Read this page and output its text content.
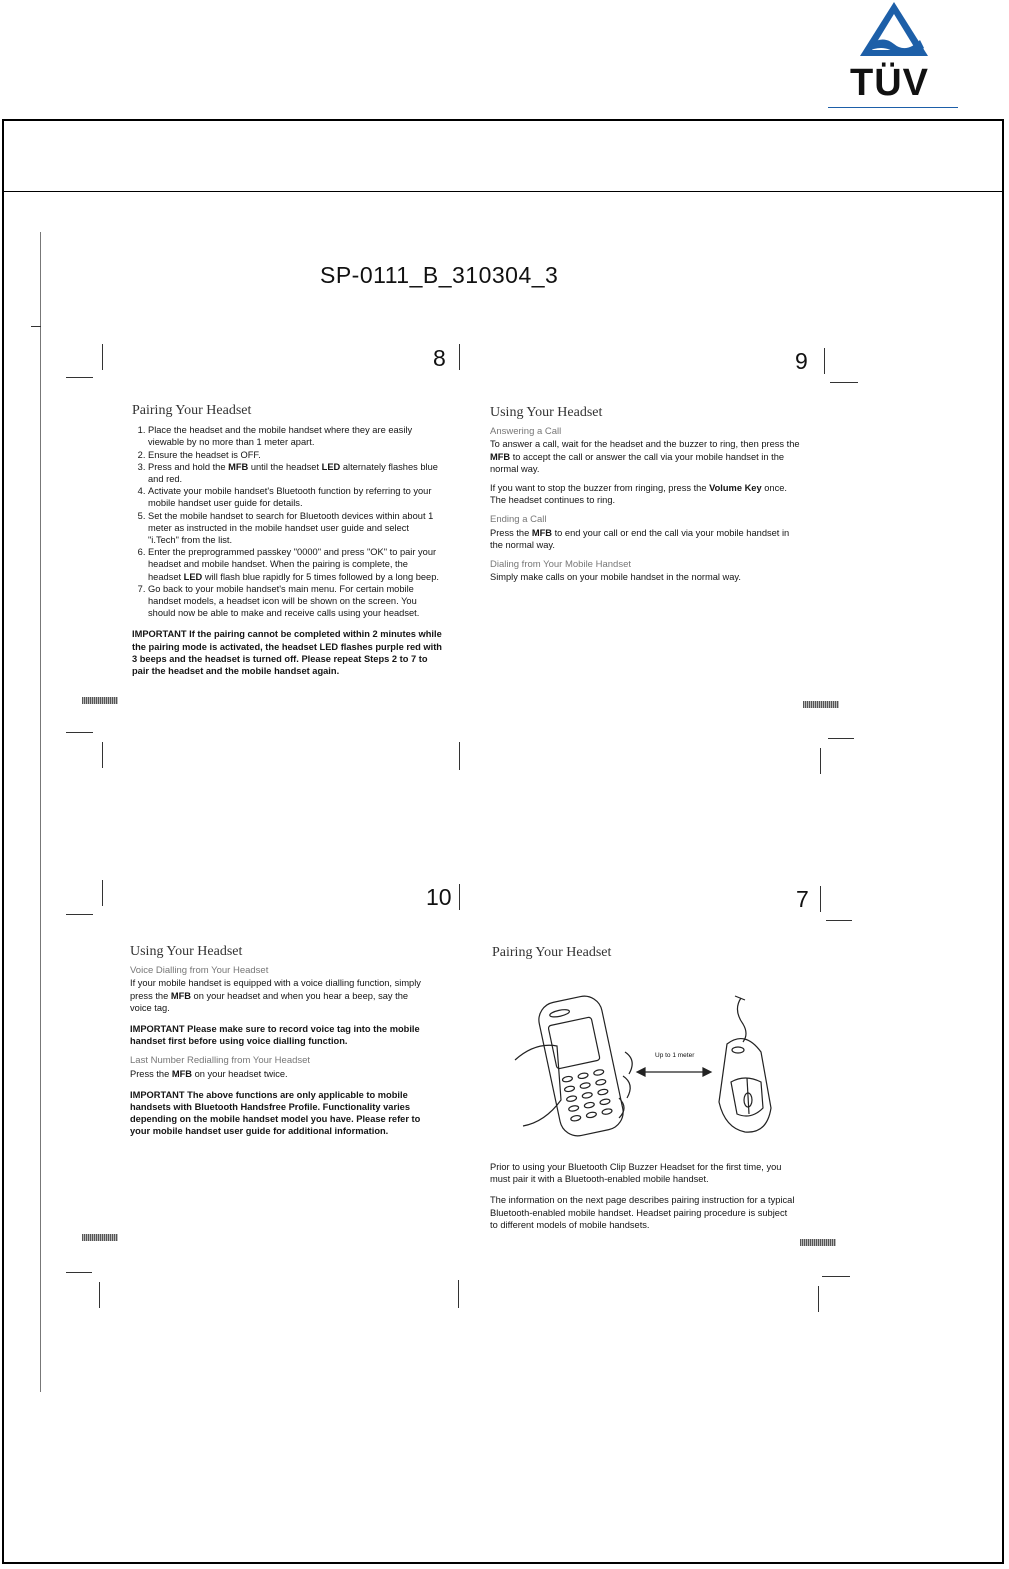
TÜV
SP-0111_B_310304_3
8	9
10	7
Pairing Your Headset
1. Place the headset and the mobile handset where they are easily viewable by no more than 1 meter apart.
2. Ensure the headset is OFF.
3. Press and hold the MFB until the headset LED alternately flashes blue and red.
4. Activate your mobile handset's Bluetooth function by referring to your mobile handset user guide for details.
5. Set the mobile handset to search for Bluetooth devices within about 1 meter as instructed in the mobile handset user guide and select "i.Tech" from the list.
6. Enter the preprogrammed passkey "0000" and press "OK" to pair your headset and mobile handset. When the pairing is complete, the headset LED will flash blue rapidly for 5 times followed by a long beep.
7. Go back to your mobile handset's main menu. For certain mobile handset models, a headset icon will be shown on the screen. You should now be able to make and receive calls using your headset.

IMPORTANT If the pairing cannot be completed within 2 minutes while the pairing mode is activated, the headset LED flashes purple red with 3 beeps and the headset is turned off. Please repeat Steps 2 to 7 to pair the headset and the mobile handset again.

Using Your Headset
Answering a Call

To answer a call, wait for the headset and the buzzer to ring, then press the MFB to accept the call or answer the call via your mobile handset in the normal way.

If you want to stop the buzzer from ringing, press the Volume Key once. The headset continues to ring.

Ending a Call

Press the MFB to end your call or end the call via your mobile handset in the normal way.

Dialing from Your Mobile Handset

Simply make calls on your mobile handset in the normal way.

Using Your Headset
Voice Dialling from Your Headset

If your mobile handset is equipped with a voice dialling function, simply press the MFB on your headset and when you hear a beep, say the voice tag.

IMPORTANT Please make sure to record voice tag into the mobile handset first before using voice dialling function.

Last Number Redialling from Your Headset

Press the MFB on your headset twice.

IMPORTANT The above functions are only applicable to mobile handsets with Bluetooth Handsfree Profile. Functionality varies depending on the mobile handset model you have. Please refer to your mobile handset user guide for additional information.

Pairing Your Headset
Up to 1 meter

Prior to using your Bluetooth Clip Buzzer Headset for the first time, you must pair it with a Bluetooth-enabled mobile handset.

The information on the next page describes pairing instruction for a typical Bluetooth-enabled mobile handset. Headset pairing procedure is subject to different models of mobile handsets.
